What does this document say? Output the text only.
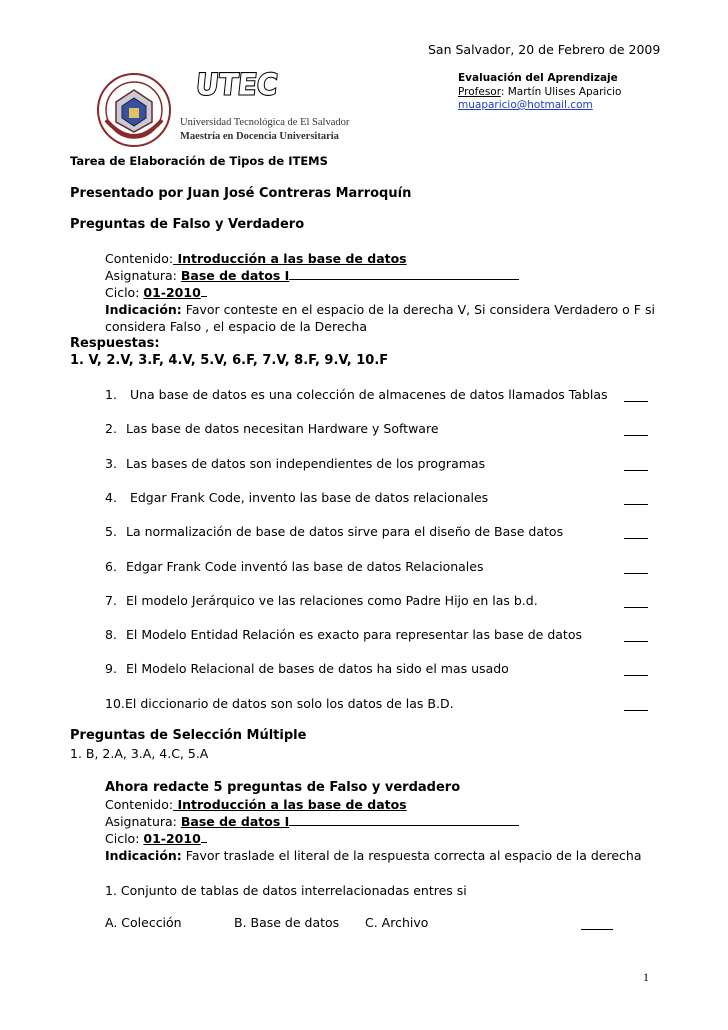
San Salvador, 20 de Febrero de 2009
UTEC	Evaluación del Aprendizaje
Profesor: Martín Ulises Aparicio
muaparicio@hotmail.com
Universidad Tecnológica de El Salvador
Maestría en Docencia Universitaria
Tarea de Elaboración de Tipos de ITEMS
Presentado por Juan José Contreras Marroquín
Preguntas de Falso y Verdadero
Contenido: Introducción a las base de datos
Asignatura: Base de datos I
Ciclo: 01-2010
Indicación: Favor conteste en el espacio de la derecha V, Si considera Verdadero o F si
considera Falso , el espacio de la Derecha
Respuestas:
1. V, 2.V, 3.F, 4.V, 5.V, 6.F, 7.V, 8.F, 9.V, 10.F
1. Una base de datos es una colección de almacenes de datos llamados Tablas
2. Las base de datos necesitan Hardware y Software
3. Las bases de datos son independientes de los programas
4. Edgar Frank Code, invento las base de datos relacionales
5. La normalización de base de datos sirve para el diseño de Base datos
6. Edgar Frank Code inventó las base de datos Relacionales
7. El modelo Jerárquico ve las relaciones como Padre Hijo en las b.d.
8. El Modelo Entidad Relación es exacto para representar las base de datos
9. El Modelo Relacional de bases de datos ha sido el mas usado
10.El diccionario de datos son solo los datos de las B.D.
Preguntas de Selección Múltiple
1. B, 2.A, 3.A, 4.C, 5.A
Ahora redacte 5 preguntas de Falso y verdadero
Contenido: Introducción a las base de datos
Asignatura: Base de datos I
Ciclo: 01-2010
Indicación: Favor traslade el literal de la respuesta correcta al espacio de la derecha
1. Conjunto de tablas de datos interrelacionadas entres si
A. Colección	B. Base de datos C. Archivo
1
